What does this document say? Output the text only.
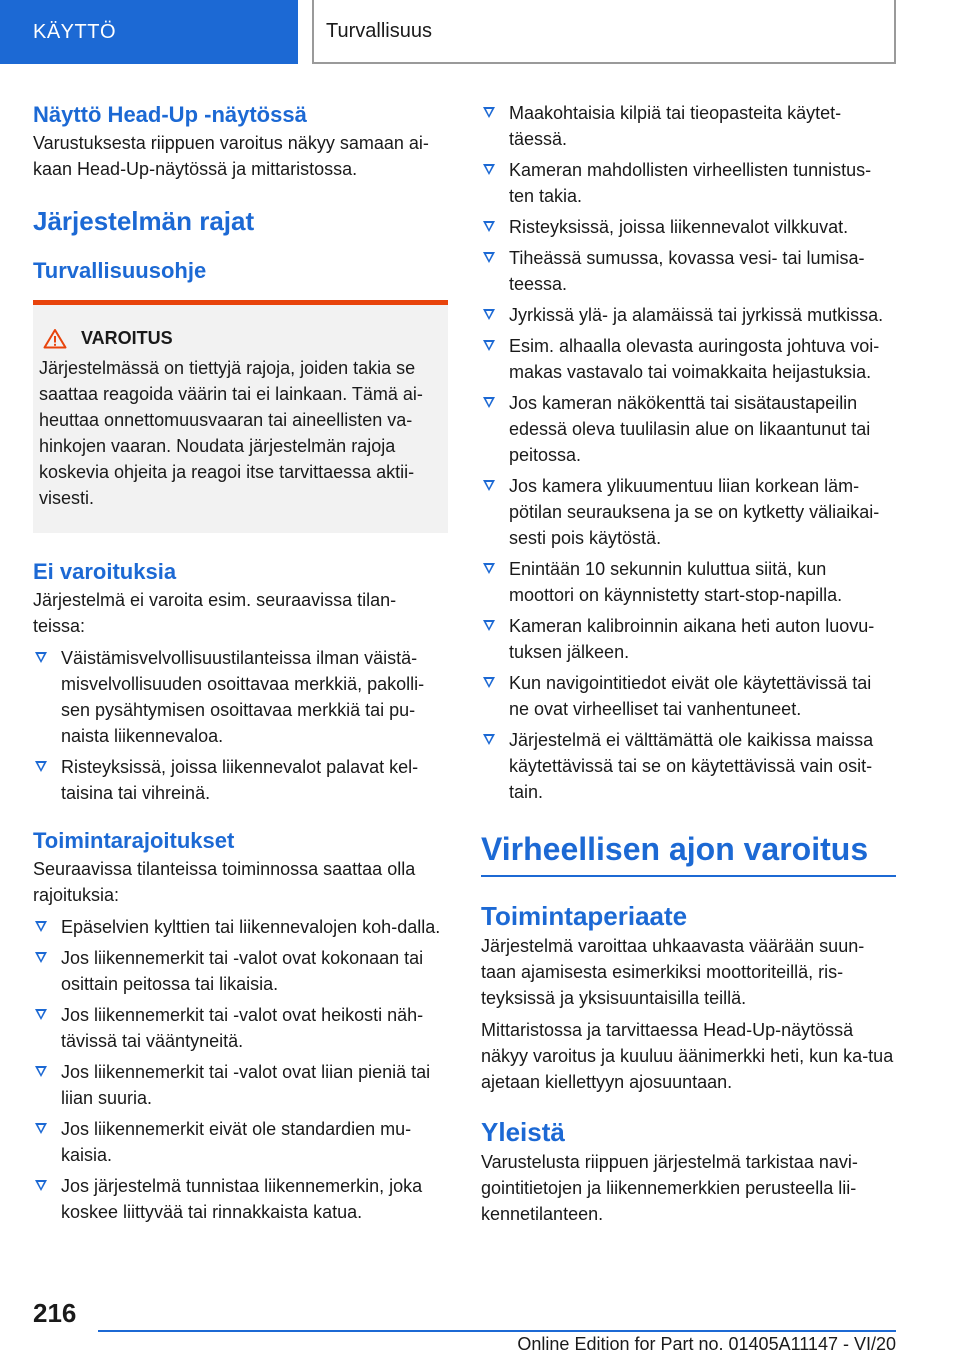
KÄYTTÖ	Turvallisuus
Näyttö Head-Up -näytössä

Varustuksesta riippuen varoitus näkyy samaan ai-kaan Head-Up-näytössä ja mittaristossa.

Järjestelmän rajat
Turvallisuusohje
VAROITUS

Järjestelmässä on tiettyjä rajoja, joiden takia se saattaa reagoida väärin tai ei lainkaan. Tämä ai-heuttaa onnettomuusvaaran tai aineellisten va-hinkojen vaaran. Noudata järjestelmän rajoja koskevia ohjeita ja reagoi itse tarvittaessa aktii-visesti.

Ei varoituksia

Järjestelmä ei varoita esim. seuraavissa tilan-teissa:

Väistämisvelvollisuustilanteissa ilman väistä-misvelvollisuuden osoittavaa merkkiä, pakolli-sen pysähtymisen osoittavaa merkkiä tai pu-naista liikennevaloa.
Risteyksissä, joissa liikennevalot palavat kel-taisina tai vihreinä.
Toimintarajoitukset

Seuraavissa tilanteissa toiminnossa saattaa olla rajoituksia:

Epäselvien kylttien tai liikennevalojen koh-dalla.
Jos liikennemerkit tai -valot ovat kokonaan tai osittain peitossa tai likaisia.
Jos liikennemerkit tai -valot ovat heikosti näh-tävissä tai vääntyneitä.
Jos liikennemerkit tai -valot ovat liian pieniä tai liian suuria.
Jos liikennemerkit eivät ole standardien mu-kaisia.
Jos järjestelmä tunnistaa liikennemerkin, joka koskee liittyvää tai rinnakkaista katua.
Maakohtaisia kilpiä tai tieopasteita käytet-täessä.
Kameran mahdollisten virheellisten tunnistus-ten takia.
Risteyksissä, joissa liikennevalot vilkkuvat.
Tiheässä sumussa, kovassa vesi- tai lumisa-teessa.
Jyrkissä ylä- ja alamäissä tai jyrkissä mutkissa.
Esim. alhaalla olevasta auringosta johtuva voi-makas vastavalo tai voimakkaita heijastuksia.
Jos kameran näkökenttä tai sisätaustapeilin edessä oleva tuulilasin alue on likaantunut tai peitossa.
Jos kamera ylikuumentuu liian korkean läm-pötilan seurauksena ja se on kytketty väliaikai-sesti pois käytöstä.
Enintään 10 sekunnin kuluttua siitä, kun moottori on käynnistetty start-stop-napilla.
Kameran kalibroinnin aikana heti auton luovu-tuksen jälkeen.
Kun navigointitiedot eivät ole käytettävissä tai ne ovat virheelliset tai vanhentuneet.
Järjestelmä ei välttämättä ole kaikissa maissa käytettävissä tai se on käytettävissä vain osit-tain.
Virheellisen ajon varoitus
Toimintaperiaate

Järjestelmä varoittaa uhkaavasta väärään suun-taan ajamisesta esimerkiksi moottoriteillä, ris-teyksissä ja yksisuuntaisilla teillä.

Mittaristossa ja tarvittaessa Head-Up-näytössä näkyy varoitus ja kuuluu äänimerkki heti, kun ka-tua ajetaan kiellettyyn ajosuuntaan.

Yleistä

Varustelusta riippuen järjestelmä tarkistaa navi-gointitietojen ja liikennemerkkien perusteella lii-kennetilanteen.

216
Online Edition for Part no. 01405A11147 - VI/20
